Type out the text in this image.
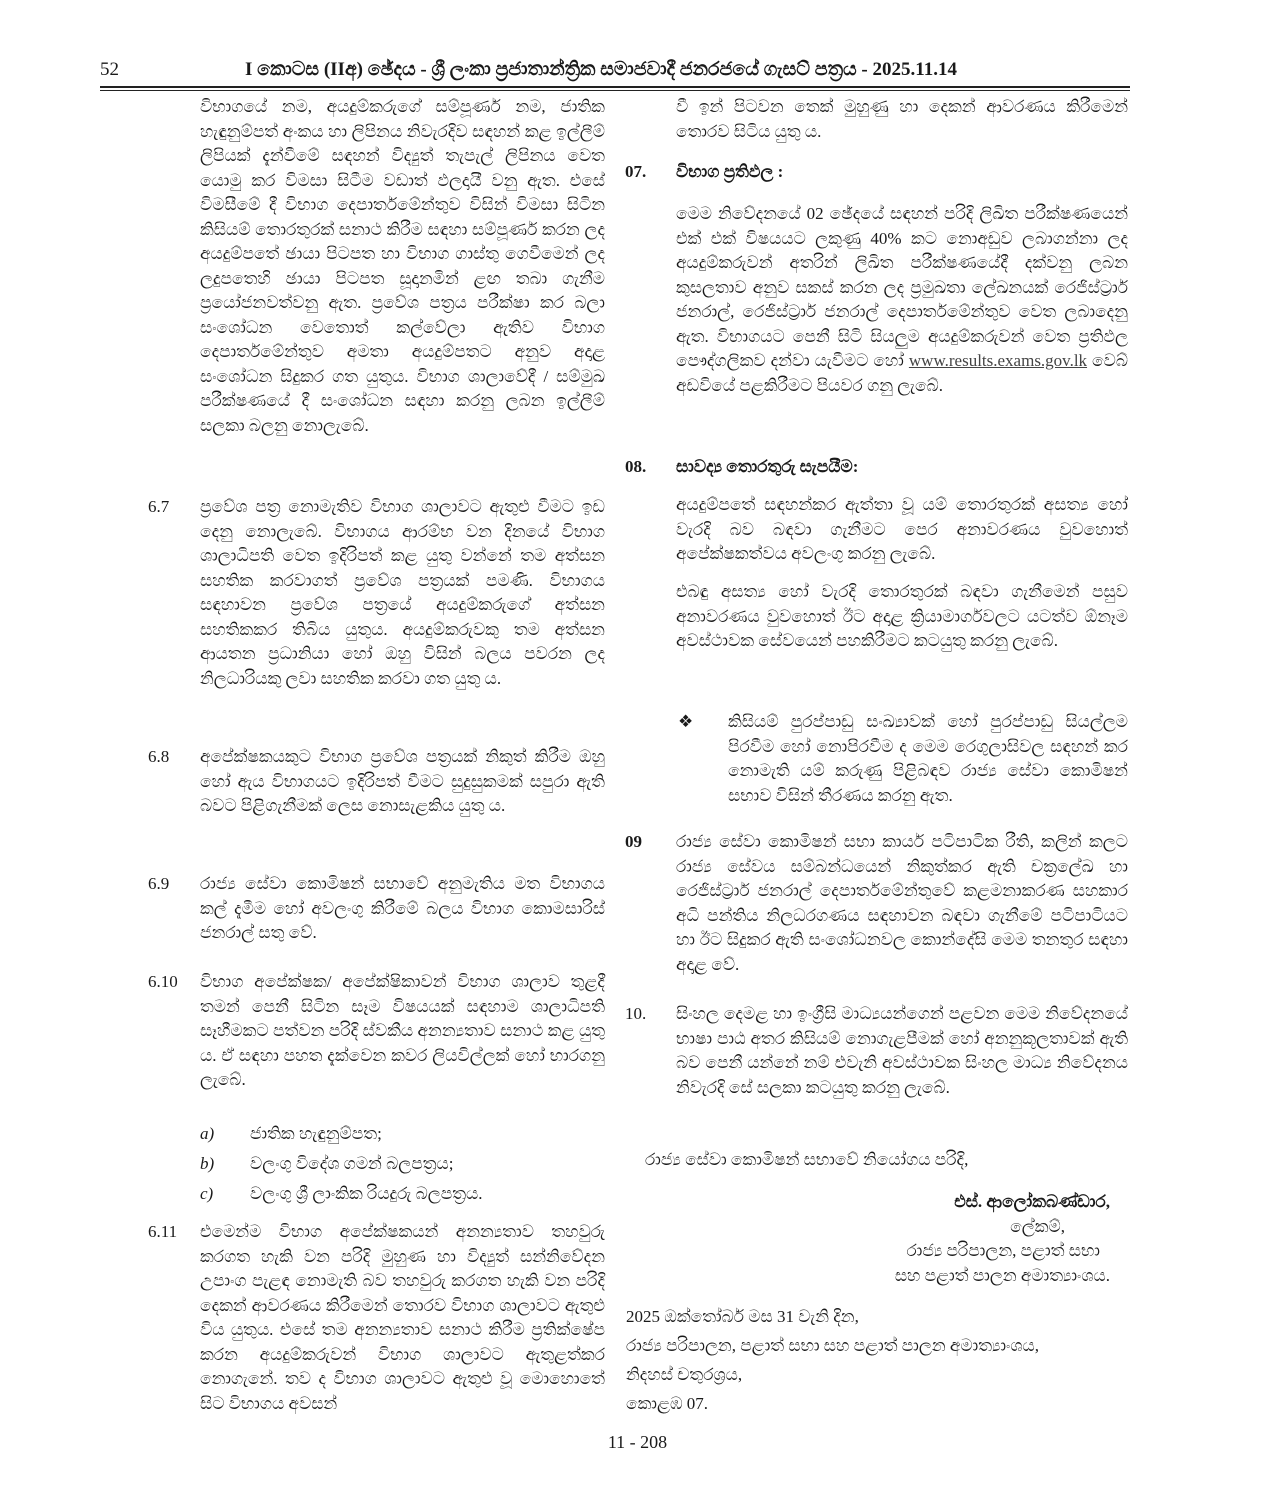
52	I කොටස (IIඅ) ඡේදය - ශ්‍රී ලංකා ප්‍රජාතාන්ත්‍රික සමාජවාදී ජනරජයේ ගැසට් පත්‍රය - 2025.11.14
විභාගයේ නම, අයදුම්කරුගේ සම්පූර්ණ නම, ජාතික හැඳුනුම්පත් අංකය හා ලිපිනය නිවැරදිව සඳහන් කළ ඉල්ලීම් ලිපියක් දැන්වීමේ සඳහන් විද්‍යුත් තැපැල් ලිපිනය වෙත යොමු කර විමසා සිටීම වඩාත් ඵලදායී වනු ඇත. එසේ විමසීමේ දී විභාග දෙපාර්තමේන්තුව විසින් විමසා සිටින කිසියම් තොරතුරක් සනාථ කිරීම සඳහා සම්පූර්ණ කරන ලද අයදුම්පතේ ඡායා පිටපත හා විභාග ගාස්තු ගෙවීමෙන් ලද ලදුපතෙහි ඡායා පිටපත සූදානමින් ළඟ තබා ගැනීම ප්‍රයෝජනවත්වනු ඇත. ප්‍රවේශ පත්‍රය පරීක්ෂා කර බලා සංශෝධන වෙතොත් කල්වේලා ඇතිව විභාග දෙපාර්තමේන්තුව අමතා අයදුම්පතට අනුව අදාළ සංශෝධන සිදුකර ගත යුතුය. විභාග ශාලාවේදී / සම්මුඛ පරීක්ෂණයේ දී සංශෝධන සඳහා කරනු ලබන ඉල්ලීම් සලකා බලනු නොලැබේ.
6.7	ප්‍රවේශ පත්‍ර නොමැතිව විභාග ශාලාවට ඇතුළු වීමට ඉඩ දෙනු නොලැබේ. විභාගය ආරම්භ වන දිනයේ විභාග ශාලාධිපති වෙත ඉදිරිපත් කළ යුතු වන්නේ තම අත්සන සහතික කරවාගත් ප්‍රවේශ පත්‍රයක් පමණි. විභාගය සඳහාවන ප්‍රවේශ පත්‍රයේ අයදුම්කරුගේ අත්සන සහතිකකර තිබිය යුතුය. අයදුම්කරුවකු තම අත්සන ආයතන ප්‍රධානියා හෝ ඔහු විසින් බලය පවරන ලද නිලධාරියකු ලවා සහතික කරවා ගත යුතු ය.
6.8	අපේක්ෂකයකුට විභාග ප්‍රවේශ පත්‍රයක් නිකුත් කිරීම ඔහු හෝ ඇය විභාගයට ඉදිරිපත් වීමට සුදුසුකමක් සපුරා ඇති බවට පිළිගැනීමක් ලෙස නොසැළකිය යුතු ය.
6.9	රාජ්‍ය සේවා කොමිෂන් සභාවේ අනුමැතිය මත විභාගය කල් දැමීම හෝ අවලංගු කිරීමේ බලය විභාග කොමසාරිස් ජනරාල් සතු වේ.
6.10	විභාග අපේක්ෂක/ අපේක්ෂිකාවන් විභාග ශාලාව තුළදී තමන් පෙනී සිටින සෑම විෂයයක් සඳහාම ශාලාධිපති සෑහීමකට පත්වන පරිදි ස්වකීය අනන්‍යතාව සනාථ කළ යුතු ය. ඒ සඳහා පහත දැක්වෙන කවර ලියවිල්ලක් හෝ භාරගනු ලැබේ.
a) ජාතික හැඳුනුම්පත;
b) වලංගු විදේශ ගමන් බලපත්‍රය;
c) වලංගු ශ්‍රී ලාංකික රියදුරු බලපත්‍රය.
6.11	එමෙන්ම විභාග අපේක්ෂකයන් අනන්‍යතාව තහවුරු කරගත හැකි වන පරිදි මුහුණ හා විද්‍යුත් සන්නිවේදන උපාංග පැළඳ නොමැති බව තහවුරු කරගත හැකි වන පරිදි දෙකන් ආවරණය කිරීමෙන් තොරව විභාග ශාලාවට ඇතුළු විය යුතුය. එසේ තම අනන්‍යතාව සනාථ කිරීම ප්‍රතික්ෂේප කරන අයදුම්කරුවන් විභාග ශාලාවට ඇතුළත්කර නොගැනේ. තව ද විභාග ශාලාවට ඇතුළු වූ මොහොතේ සිට විභාගය අවසන්
වී ඉන් පිටවන තෙක් මුහුණු හා දෙකන් ආවරණය කිරීමෙන් තොරව සිටිය යුතු ය.
07.	විභාග ප්‍රතිඵල :
මෙම නිවේදනයේ 02 ඡේදයේ සඳහන් පරිදි ලිඛිත පරීක්ෂණයෙන් එක් එක් විෂයයට ලකුණු 40% කට නොඅඩුව ලබාගන්නා ලද අයදුම්කරුවන් අතරින් ලිඛිත පරීක්ෂණයේදී දක්වනු ලබන කුසලතාව අනුව සකස් කරන ලද ප්‍රමුඛතා ලේඛනයක් රෙජිස්ට්‍රාර් ජනරාල්, රෙජිස්ට්‍රාර් ජනරාල් දෙපාර්තමේන්තුව වෙත ලබාදෙනු ඇත. විභාගයට පෙනී සිටි සියලුම අයදුම්කරුවන් වෙත ප්‍රතිඵල පෞද්ගලිකව දන්වා යැවීමට හෝ www.results.exams.gov.lk වෙබ් අඩවියේ පළකිරීමට පියවර ගනු ලැබේ.
08.	සාවද්‍ය තොරතුරු සැපයීම:
අයදුම්පතේ සඳහන්කර ඇත්තා වූ යම් තොරතුරක් අසත්‍ය හෝ වැරදි බව බඳවා ගැනීමට පෙර අනාවරණය වුවහොත් අපේක්ෂකත්වය අවලංගු කරනු ලැබේ.
එබඳු අසත්‍ය හෝ වැරදි තොරතුරක් බඳවා ගැනීමෙන් පසුව අනාවරණය වුවහොත් ඊට අදාළ ක්‍රියාමාර්ගවලට යටත්ව ඕනෑම අවස්ථාවක සේවයෙන් පහකිරීමට කටයුතු කරනු ලැබේ.
❖ කිසියම් පුරප්පාඩු සංඛ්‍යාවක් හෝ පුරප්පාඩු සියල්ලම පිරවීම හෝ නොපිරවීම ද මෙම රෙගුලාසිවල සඳහන් කර නොමැති යම් කරුණු පිළිබඳව රාජ්‍ය සේවා කොමිෂන් සභාව විසින් තීරණය කරනු ඇත.
09	රාජ්‍ය සේවා කොමිෂන් සභා කාර්ය පටිපාටික රීති, කලින් කලට රාජ්‍ය සේවය සම්බන්ධයෙන් නිකුත්කර ඇති චක්‍රලේඛ හා රෙජිස්ට්‍රාර් ජනරාල් දෙපාර්තමේන්තුවේ කළමනාකරණ සහකාර අධි පන්තිය නිලධරගණය සඳහාවන බඳවා ගැනීමේ පටිපාටියට හා ඊට සිදුකර ඇති සංශෝධනවල කොන්දේසි මෙම තනතුර සඳහා අදාළ වේ.
10.	සිංහල දෙමළ හා ඉංග්‍රීසි මාධ්‍යයන්ගෙන් පළවන මෙම නිවේදනයේ භාෂා පාඨ අතර කිසියම් නොගැළපීමක් හෝ අනනුකූලතාවක් ඇති බව පෙනී යන්නේ නම් එවැනි අවස්ථාවක සිංහල මාධ්‍ය නිවේදනය නිවැරදි සේ සලකා කටයුතු කරනු ලැබේ.
රාජ්‍ය සේවා කොමිෂන් සභාවේ නියෝගය පරිදි,
එස්. ආලෝකබණ්ඩාර,
ලේකම්,
රාජ්‍ය පරිපාලන, පළාත් සභා
සහ පළාත් පාලන අමාත්‍යාංශය.
2025 ඔක්තෝබර් මස 31 වැනි දින,
රාජ්‍ය පරිපාලන, පළාත් සභා සහ පළාත් පාලන අමාත්‍යාංශය,
නිදහස් චතුරශ්‍රය,
කොළඹ 07.
11 - 208
